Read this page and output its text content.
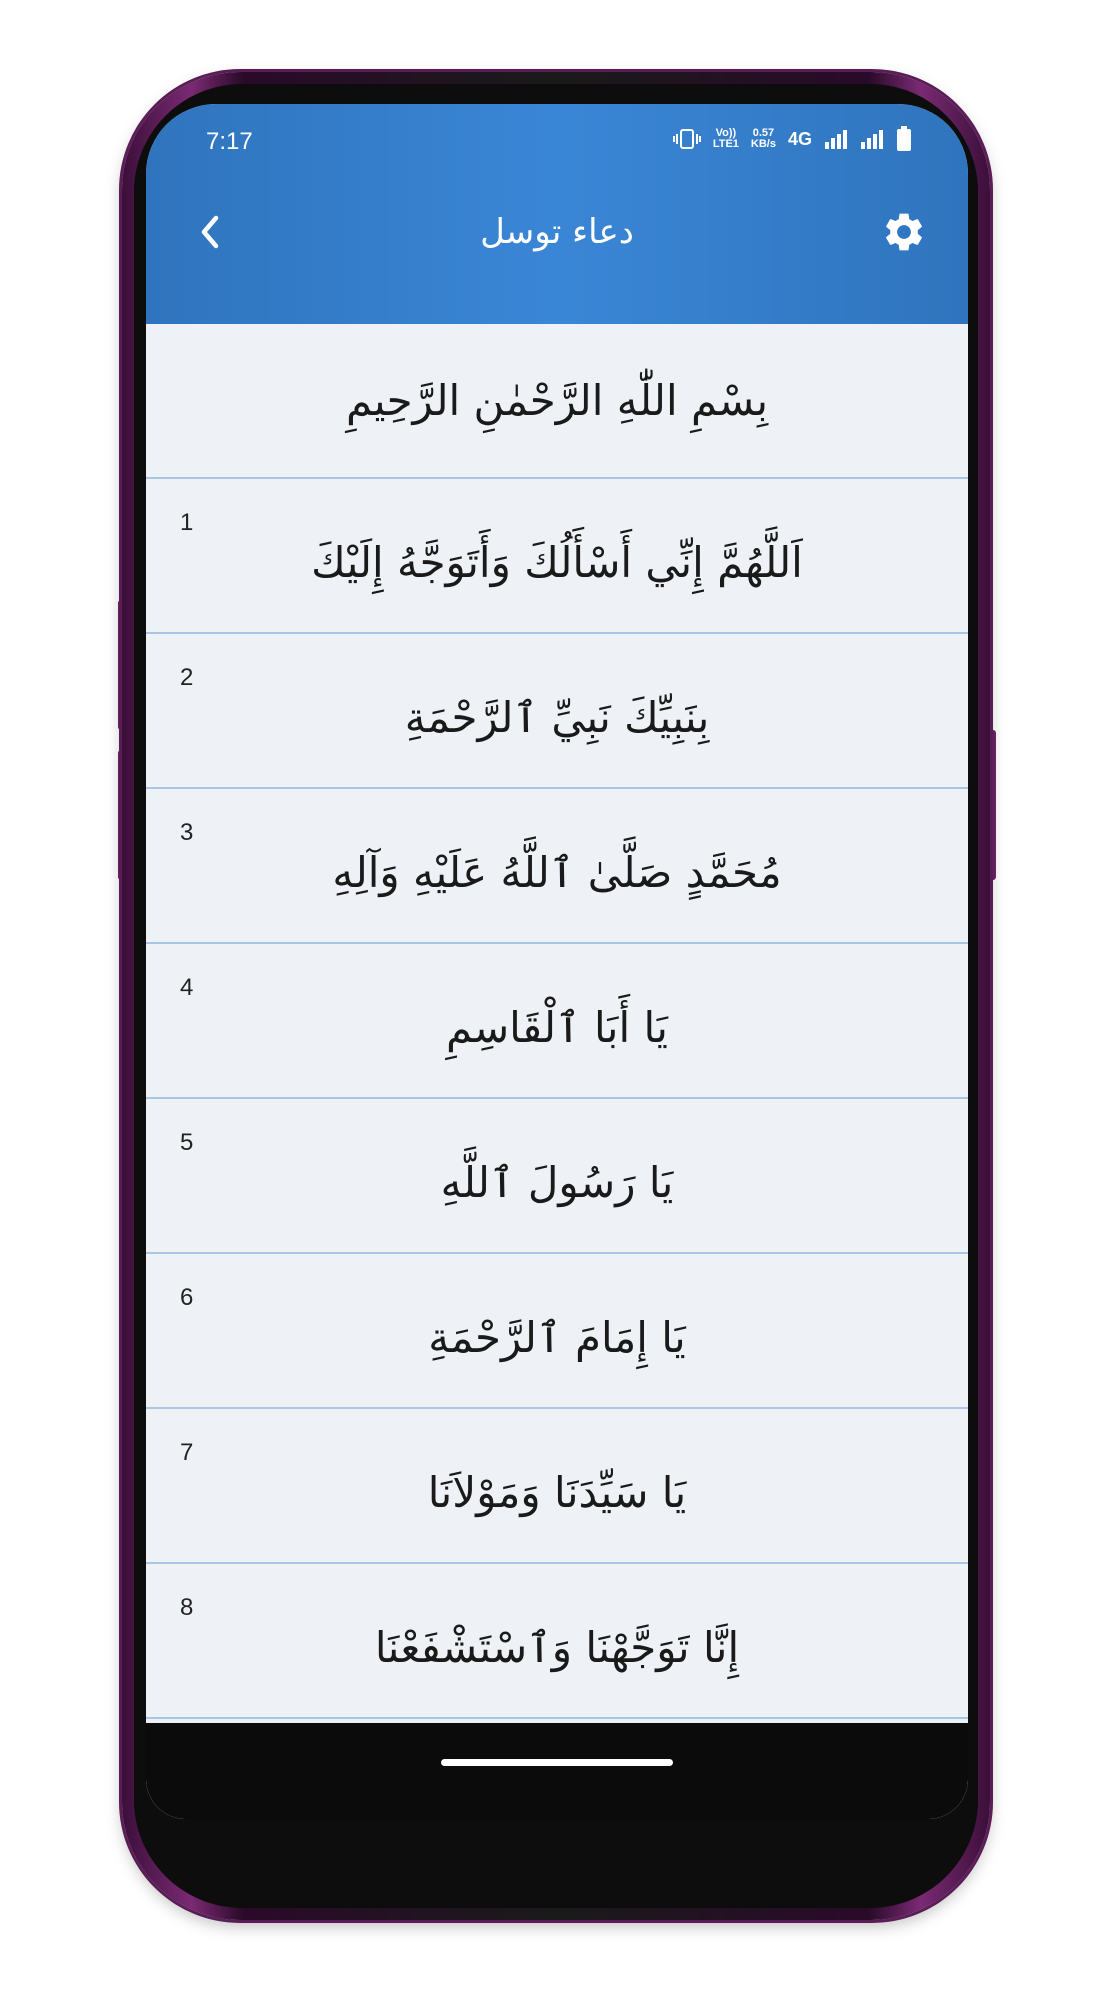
7:17	Vo))
LTE1
0.57
KB/s 4G
دعاء توسل
بِسْمِ اللّٰهِ الرَّحْمٰنِ الرَّحِيمِ
1
اَللَّهُمَّ إِنِّي أَسْأَلُكَ وَأَتَوَجَّهُ إِلَيْكَ
2
بِنَبِيِّكَ نَبِيِّ ٱلرَّحْمَةِ
3
مُحَمَّدٍ صَلَّىٰ ٱللَّهُ عَلَيْهِ وَآلِهِ
4
يَا أَبَا ٱلْقَاسِمِ
5
يَا رَسُولَ ٱللَّهِ
6
يَا إِمَامَ ٱلرَّحْمَةِ
7
يَا سَيِّدَنَا وَمَوْلاَنَا
8
إِنَّا تَوَجَّهْنَا وَٱسْتَشْفَعْنَا
